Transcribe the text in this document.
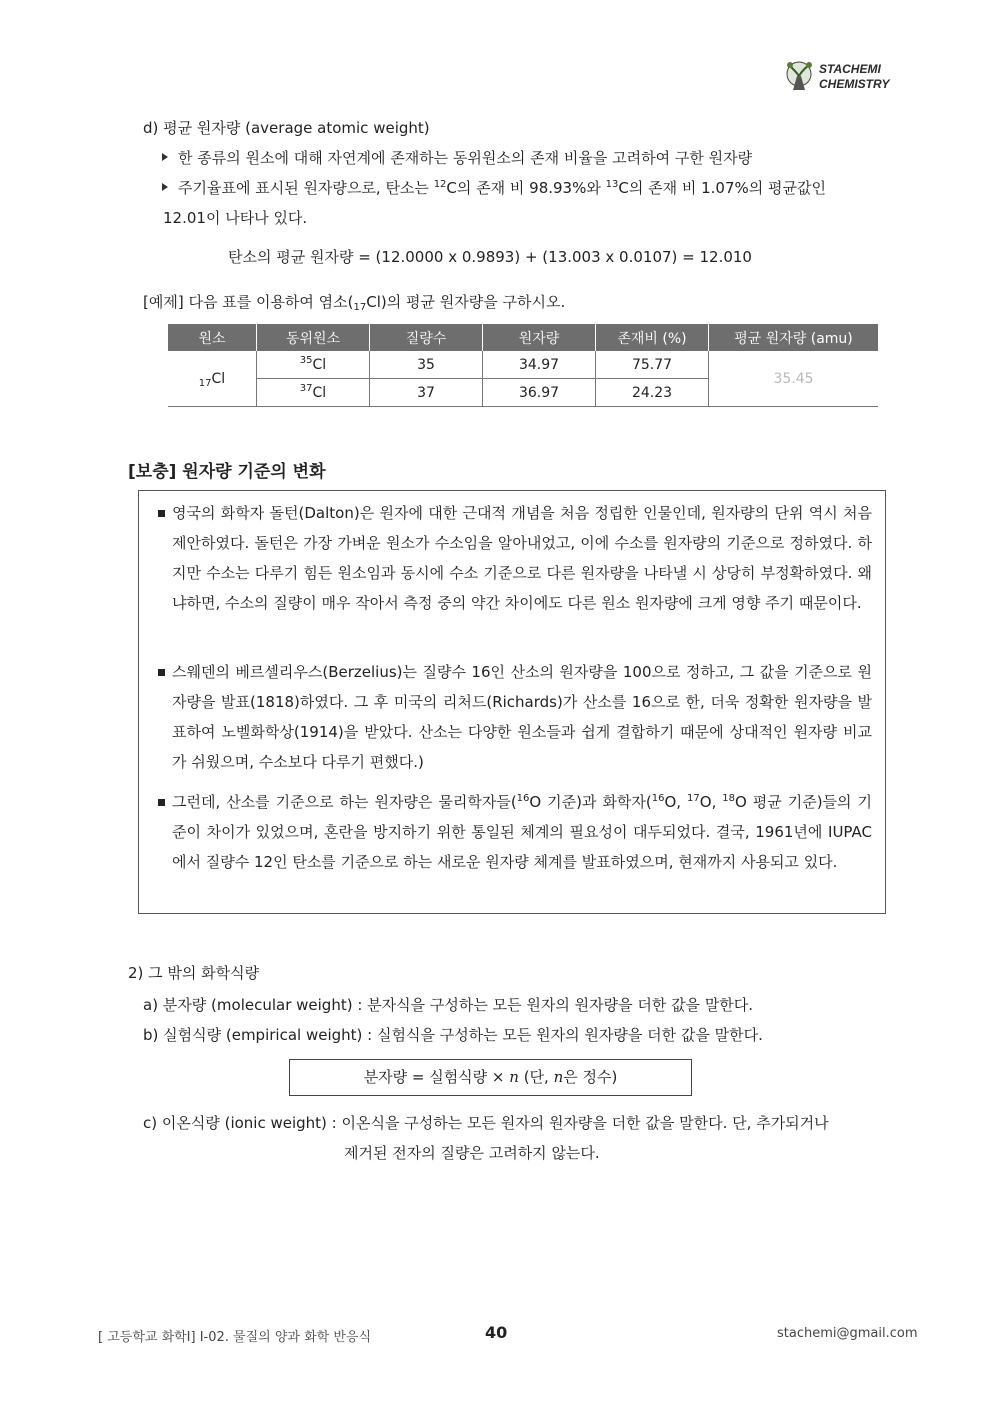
STACHEMI
CHEMISTRY
d) 평균 원자량 (average atomic weight)
한 종류의 원소에 대해 자연계에 존재하는 동위원소의 존재 비율을 고려하여 구한 원자량
주기율표에 표시된 원자량으로, 탄소는 $^{12}$C의 존재 비 98.93%와 $^{13}$C의 존재 비 1.07%의 평균값인
12.01이 나타나 있다.
탄소의 평균 원자량 = (12.0000 x 0.9893) + (13.003 x 0.0107) = 12.010
[예제] 다음 표를 이용하여 염소$(_{17}Cl)$의 평균 원자량을 구하시오.
원소	동위원소	질량수	원자량	존재비 (%)	평균 원자량 (amu)
$_{17}$Cl	$^{35}$Cl	35	34.97	75.77	35.45
	$^{37}$Cl	37	36.97	24.23	
[보충] 원자량 기준의 변화
영국의 화학자 돌턴(Dalton)은 원자에 대한 근대적 개념을 처음 정립한 인물인데, 원자량의 단위 역시 처음 제안하였다. 돌턴은 가장 가벼운 원소가 수소임을 알아내었고, 이에 수소를 원자량의 기준으로 정하였다. 하지만 수소는 다루기 힘든 원소임과 동시에 수소 기준으로 다른 원자량을 나타낼 시 상당히 부정확하였다. 왜냐하면, 수소의 질량이 매우 작아서 측정 중의 약간 차이에도 다른 원소 원자량에 크게 영향 주기 때문이다.
스웨덴의 베르셀리우스(Berzelius)는 질량수 16인 산소의 원자량을 100으로 정하고, 그 값을 기준으로 원자량을 발표(1818)하였다. 그 후 미국의 리처드(Richards)가 산소를 16으로 한, 더욱 정확한 원자량을 발표하여 노벨화학상(1914)을 받았다. 산소는 다양한 원소들과 쉽게 결합하기 때문에 상대적인 원자량 비교가 쉬웠으며, 수소보다 다루기 편했다.)
그런데, 산소를 기준으로 하는 원자량은 물리학자들($^{16}$O 기준)과 화학자($^{16}$O, $^{17}$O, $^{18}$O 평균 기준)들의 기준이 차이가 있었으며, 혼란을 방지하기 위한 통일된 체계의 필요성이 대두되었다. 결국, 1961년에 IUPAC에서 질량수 12인 탄소를 기준으로 하는 새로운 원자량 체계를 발표하였으며, 현재까지 사용되고 있다.
2) 그 밖의 화학식량
a) 분자량 (molecular weight) : 분자식을 구성하는 모든 원자의 원자량을 더한 값을 말한다.
b) 실험식량 (empirical weight) : 실험식을 구성하는 모든 원자의 원자량을 더한 값을 말한다.
분자량 = 실험식량 × n (단, n은 정수)
c) 이온식량 (ionic weight) : 이온식을 구성하는 모든 원자의 원자량을 더한 값을 말한다. 단, 추가되거나
제거된 전자의 질량은 고려하지 않는다.
[ 고등학교 화학Ⅰ] Ⅰ-02. 물질의 양과 화학 반응식	40	stachemi@gmail.com
